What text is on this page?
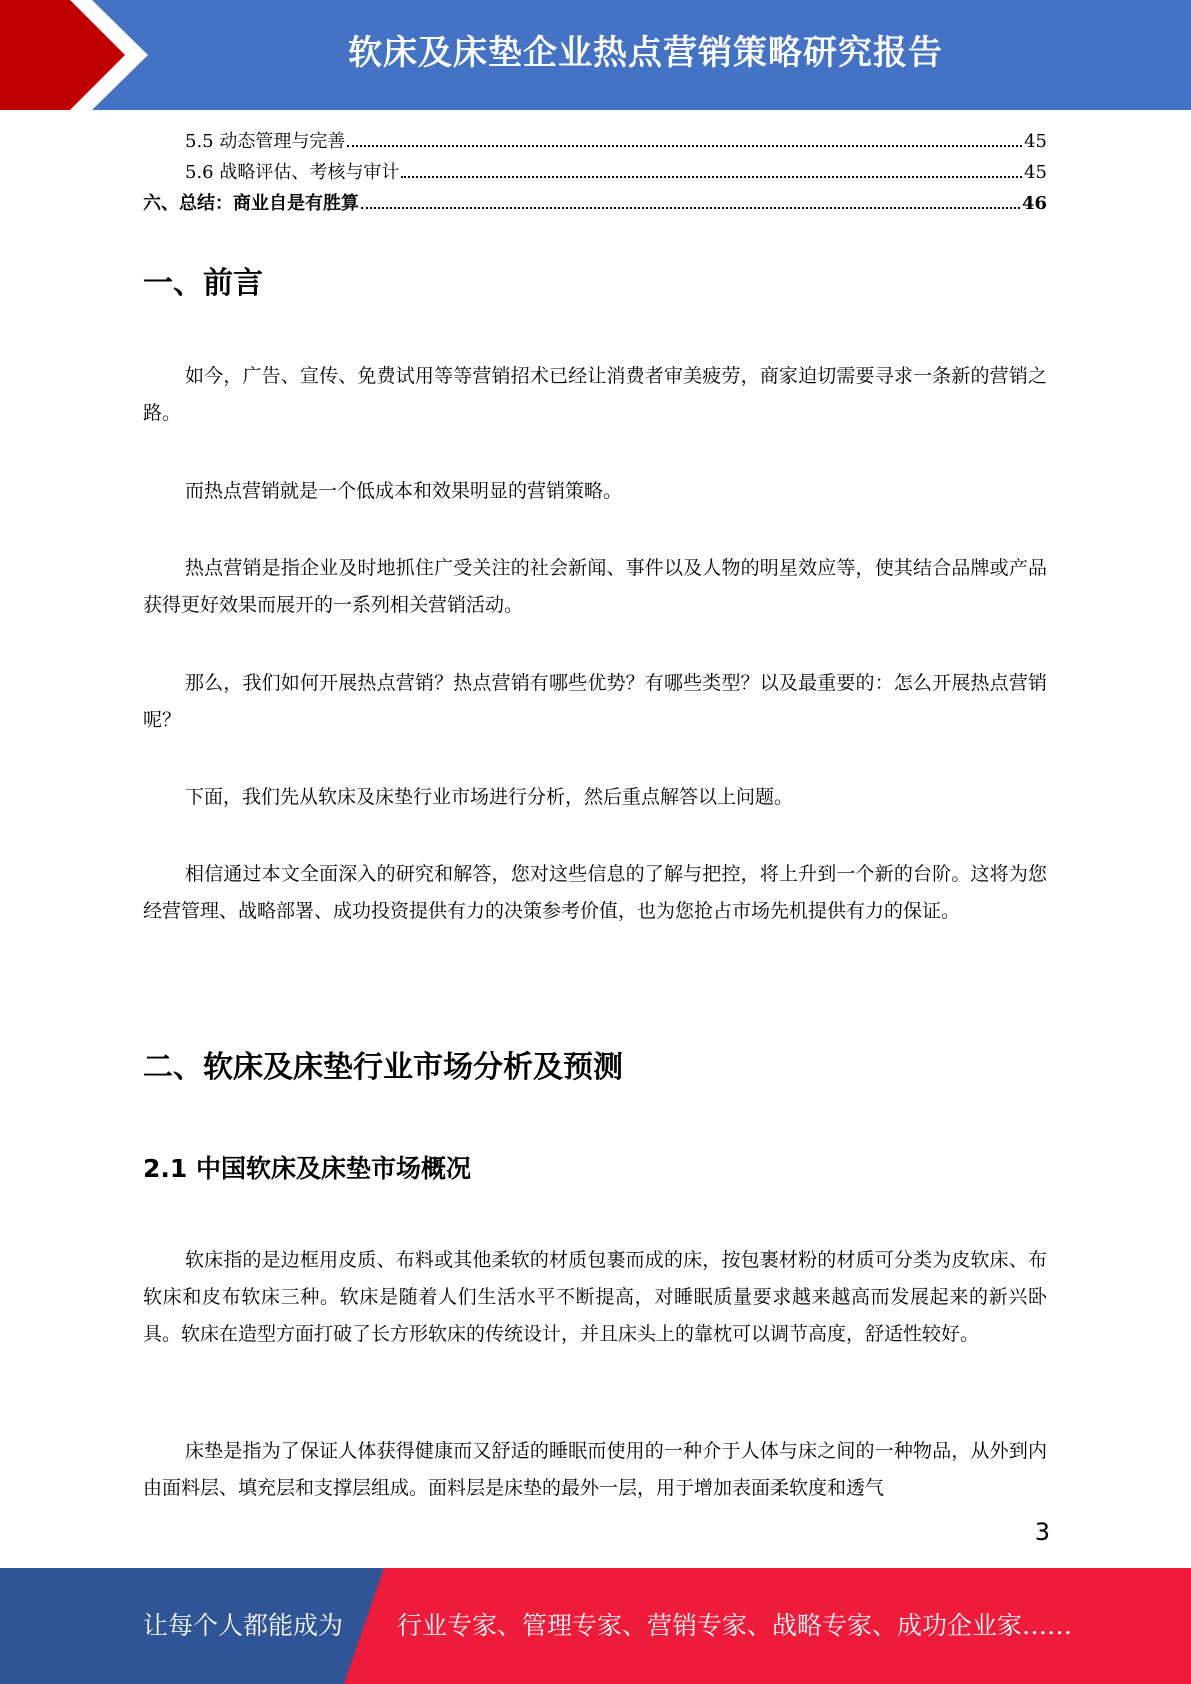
软床及床垫企业热点营销策略研究报告
5.5 动态管理与完善	45
5.6 战略评估、考核与审计	45
六、总结：商业自是有胜算	46
一、前言

如今，广告、宣传、免费试用等等营销招术已经让消费者审美疲劳，商家迫切需要寻求一条新的营销之路。

而热点营销就是一个低成本和效果明显的营销策略。

热点营销是指企业及时地抓住广受关注的社会新闻、事件以及人物的明星效应等，使其结合品牌或产品获得更好效果而展开的一系列相关营销活动。

那么，我们如何开展热点营销？热点营销有哪些优势？有哪些类型？以及最重要的：怎么开展热点营销呢？

下面，我们先从软床及床垫行业市场进行分析，然后重点解答以上问题。

相信通过本文全面深入的研究和解答，您对这些信息的了解与把控，将上升到一个新的台阶。这将为您经营管理、战略部署、成功投资提供有力的决策参考价值，也为您抢占市场先机提供有力的保证。

二、软床及床垫行业市场分析及预测
2.1 中国软床及床垫市场概况

软床指的是边框用皮质、布料或其他柔软的材质包裹而成的床，按包裹材粉的材质可分类为皮软床、布软床和皮布软床三种。软床是随着人们生活水平不断提高，对睡眠质量要求越来越高而发展起来的新兴卧具。软床在造型方面打破了长方形软床的传统设计，并且床头上的靠枕可以调节高度，舒适性较好。

床垫是指为了保证人体获得健康而又舒适的睡眠而使用的一种介于人体与床之间的一种物品，从外到内由面料层、填充层和支撑层组成。面料层是床垫的最外一层，用于增加表面柔软度和透气

3
让每个人都能成为 行业专家、管理专家、营销专家、战略专家、成功企业家……
